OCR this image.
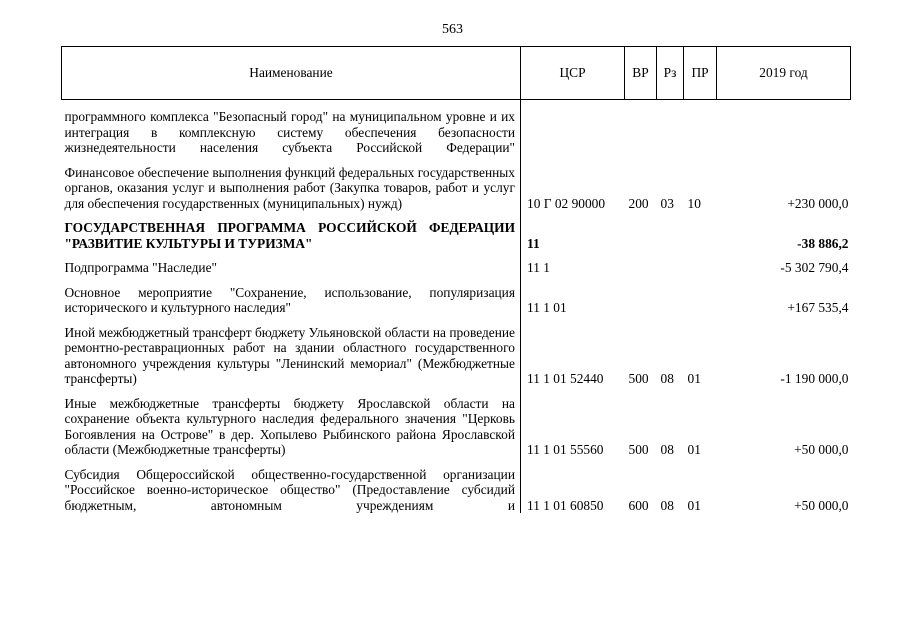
563
Наименование	ЦСР	ВР	Рз	ПР	2019 год

программного комплекса "Безопасный город" на муниципальном уровне и их интеграция в комплексную систему обеспечения безопасности жизнедеятельности населения субъекта Российской Федерации"					

Финансовое обеспечение выполнения функций федеральных государственных органов, оказания услуг и выполнения работ (Закупка товаров, работ и услуг для обеспечения государственных (муниципальных) нужд)	10 Г 02 90000	200	03	10	+230 000,0

ГОСУДАРСТВЕННАЯ ПРОГРАММА РОССИЙСКОЙ ФЕДЕРАЦИИ "РАЗВИТИЕ КУЛЬТУРЫ И ТУРИЗМА"	11				-38 886,2

Подпрограмма "Наследие"	11 1				-5 302 790,4

Основное мероприятие "Сохранение, использование, популяризация исторического и культурного наследия"	11 1 01				+167 535,4

Иной межбюджетный трансферт бюджету Ульяновской области на проведение ремонтно-реставрационных работ на здании областного государственного автономного учреждения культуры "Ленинский мемориал" (Межбюджетные трансферты)	11 1 01 52440	500	08	01	-1 190 000,0

Иные межбюджетные трансферты бюджету Ярославской области на сохранение объекта культурного наследия федерального значения "Церковь Богоявления на Острове" в дер. Хопылево Рыбинского района Ярославской области (Межбюджетные трансферты)	11 1 01 55560	500	08	01	+50 000,0

Субсидия Общероссийской общественно-государственной организации "Российское военно-историческое общество" (Предоставление субсидий бюджетным, автономным учреждениям и	11 1 01 60850	600	08	01	+50 000,0
